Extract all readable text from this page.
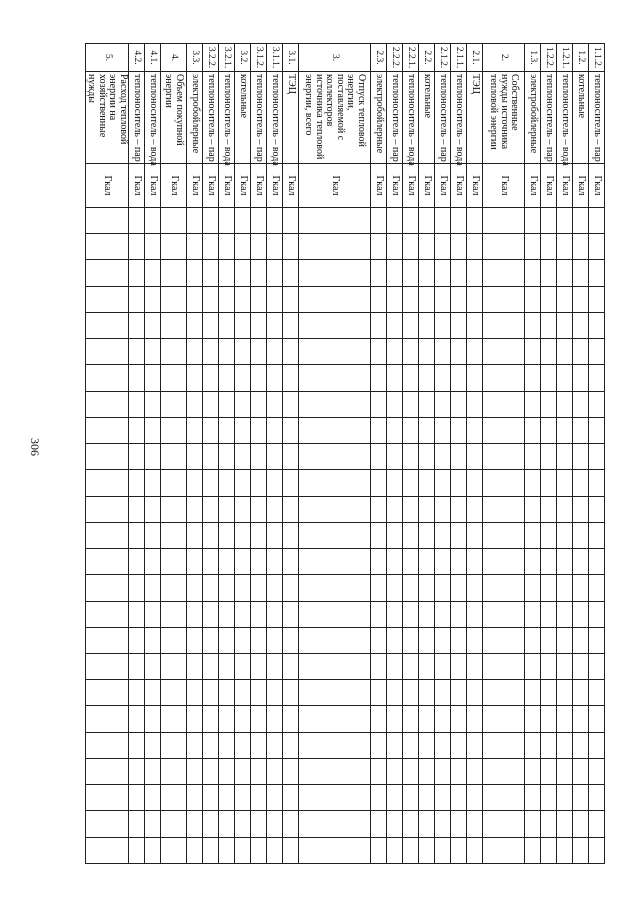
306
1.1.2.	теплоноситель – пар	Гкал																									
1.2.	котельные	Гкал																									
1.2.1.	теплоноситель – вода	Гкал																									
1.2.2.	теплоноситель – пар	Гкал																									
1.3.	электробойлерные	Гкал																									
2.	Собственные нужды источника тепловой энергии	Гкал																									
2.1.	ТЭЦ	Гкал																									
2.1.1.	теплоноситель – вода	Гкал																									
2.1.2.	теплоноситель – пар	Гкал																									
2.2.	котельные	Гкал																									
2.2.1.	теплоноситель – вода	Гкал																									
2.2.2.	теплоноситель – пар	Гкал																									
2.3.	электробойлерные	Гкал																									
3.	Отпуск тепловой энергии, поставляемой с коллекторов источника тепловой энергии, всего	Гкал																									
3.1.	ТЭЦ	Гкал																									
3.1.1.	теплоноситель – вода	Гкал																									
3.1.2.	теплоноситель – пар	Гкал																									
3.2.	котельные	Гкал																									
3.2.1.	теплоноситель – вода	Гкал																									
3.2.2.	теплоноситель – пар	Гкал																									
3.3.	электробойлерные	Гкал																									
4.	Объем покупной энергии	Гкал																									
4.1.	теплоноситель – вода	Гкал																									
4.2.	теплоноситель – пар	Гкал																									
5.	Расход тепловой энергии на хозяйственные нужды	Гкал																									
